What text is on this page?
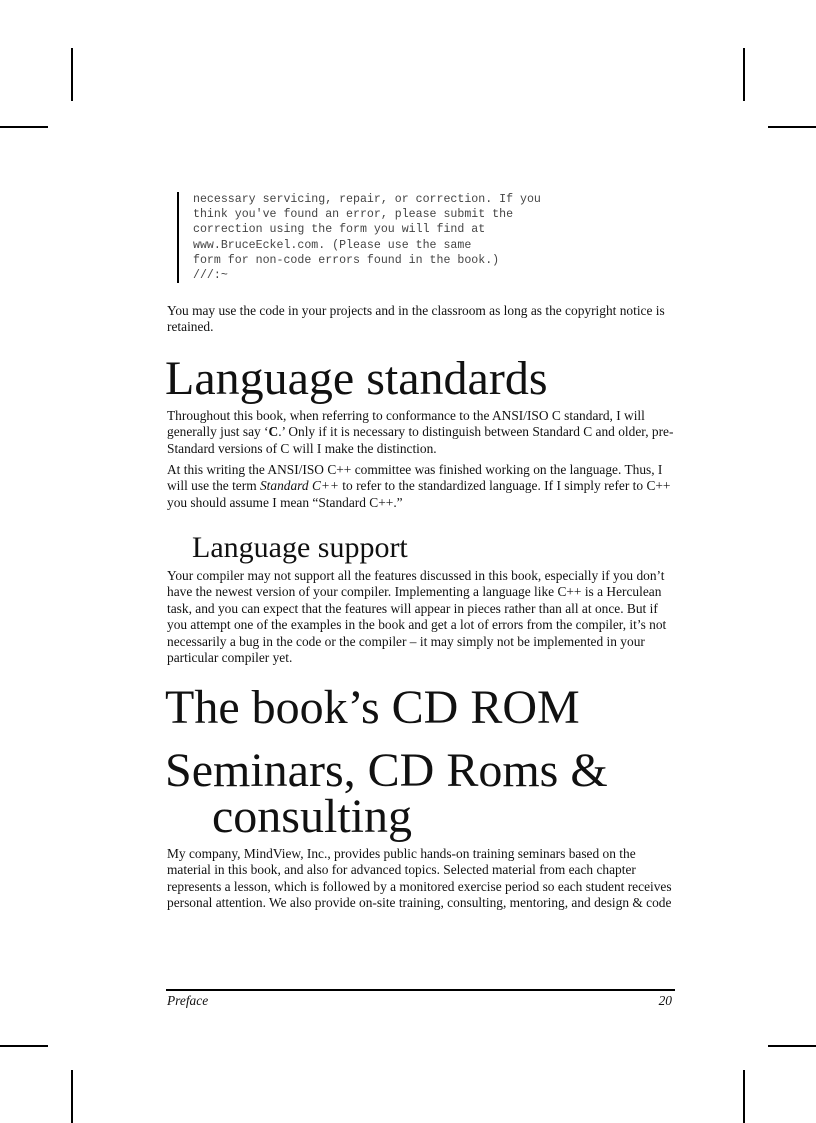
necessary servicing, repair, or correction. If you
think you've found an error, please submit the
correction using the form you will find at
www.BruceEckel.com. (Please use the same
form for non-code errors found in the book.)
///:~

You may use the code in your projects and in the classroom as long as the copyright notice is retained.

Language standards

Throughout this book, when referring to conformance to the ANSI/ISO C standard, I will generally just say ‘C.’ Only if it is necessary to distinguish between Standard C and older, pre-Standard versions of C will I make the distinction.

At this writing the ANSI/ISO C++ committee was finished working on the language. Thus, I will use the term Standard C++ to refer to the standardized language. If I simply refer to C++ you should assume I mean “Standard C++.”

Language support

Your compiler may not support all the features discussed in this book, especially if you don’t have the newest version of your compiler. Implementing a language like C++ is a Herculean task, and you can expect that the features will appear in pieces rather than all at once. But if you attempt one of the examples in the book and get a lot of errors from the compiler, it’s not necessarily a bug in the code or the compiler – it may simply not be implemented in your particular compiler yet.

The book’s CD ROM
Seminars, CD Roms &
consulting

My company, MindView, Inc., provides public hands-on training seminars based on the material in this book, and also for advanced topics. Selected material from each chapter represents a lesson, which is followed by a monitored exercise period so each student receives personal attention. We also provide on-site training, consulting, mentoring, and design & code

Preface	20
